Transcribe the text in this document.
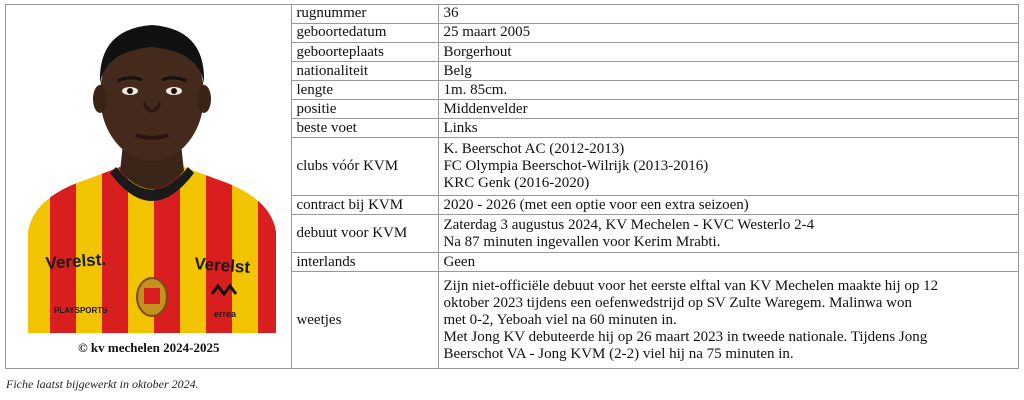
Verelst.	Verelst
PLAYSPORTS	errea
© kv mechelen 2024-2025
rugnummer	36

geboortedatum	25 maart 2005

geboorteplaats	Borgerhout

nationaliteit	Belg

lengte	1m. 85cm.

positie	Middenvelder

beste voet	Links

clubs vóór KVM	K. Beerschot AC (2012-2013)
FC Olympia Beerschot-Wilrijk (2013-2016)
KRC Genk (2016-2020)

contract bij KVM	2020 - 2026 (met een optie voor een extra seizoen)

debuut voor KVM	Zaterdag 3 augustus 2024, KV Mechelen - KVC Westerlo 2-4
Na 87 minuten ingevallen voor Kerim Mrabti.

interlands	Geen

weetjes	Zijn niet-officiële debuut voor het eerste elftal van KV Mechelen maakte hij op 12
oktober 2023 tijdens een oefenwedstrijd op SV Zulte Waregem. Malinwa won
met 0-2, Yeboah viel na 60 minuten in.
Met Jong KV debuteerde hij op 26 maart 2023 in tweede nationale. Tijdens Jong
Beerschot VA - Jong KVM (2-2) viel hij na 75 minuten in.
Fiche laatst bijgewerkt in oktober 2024.
